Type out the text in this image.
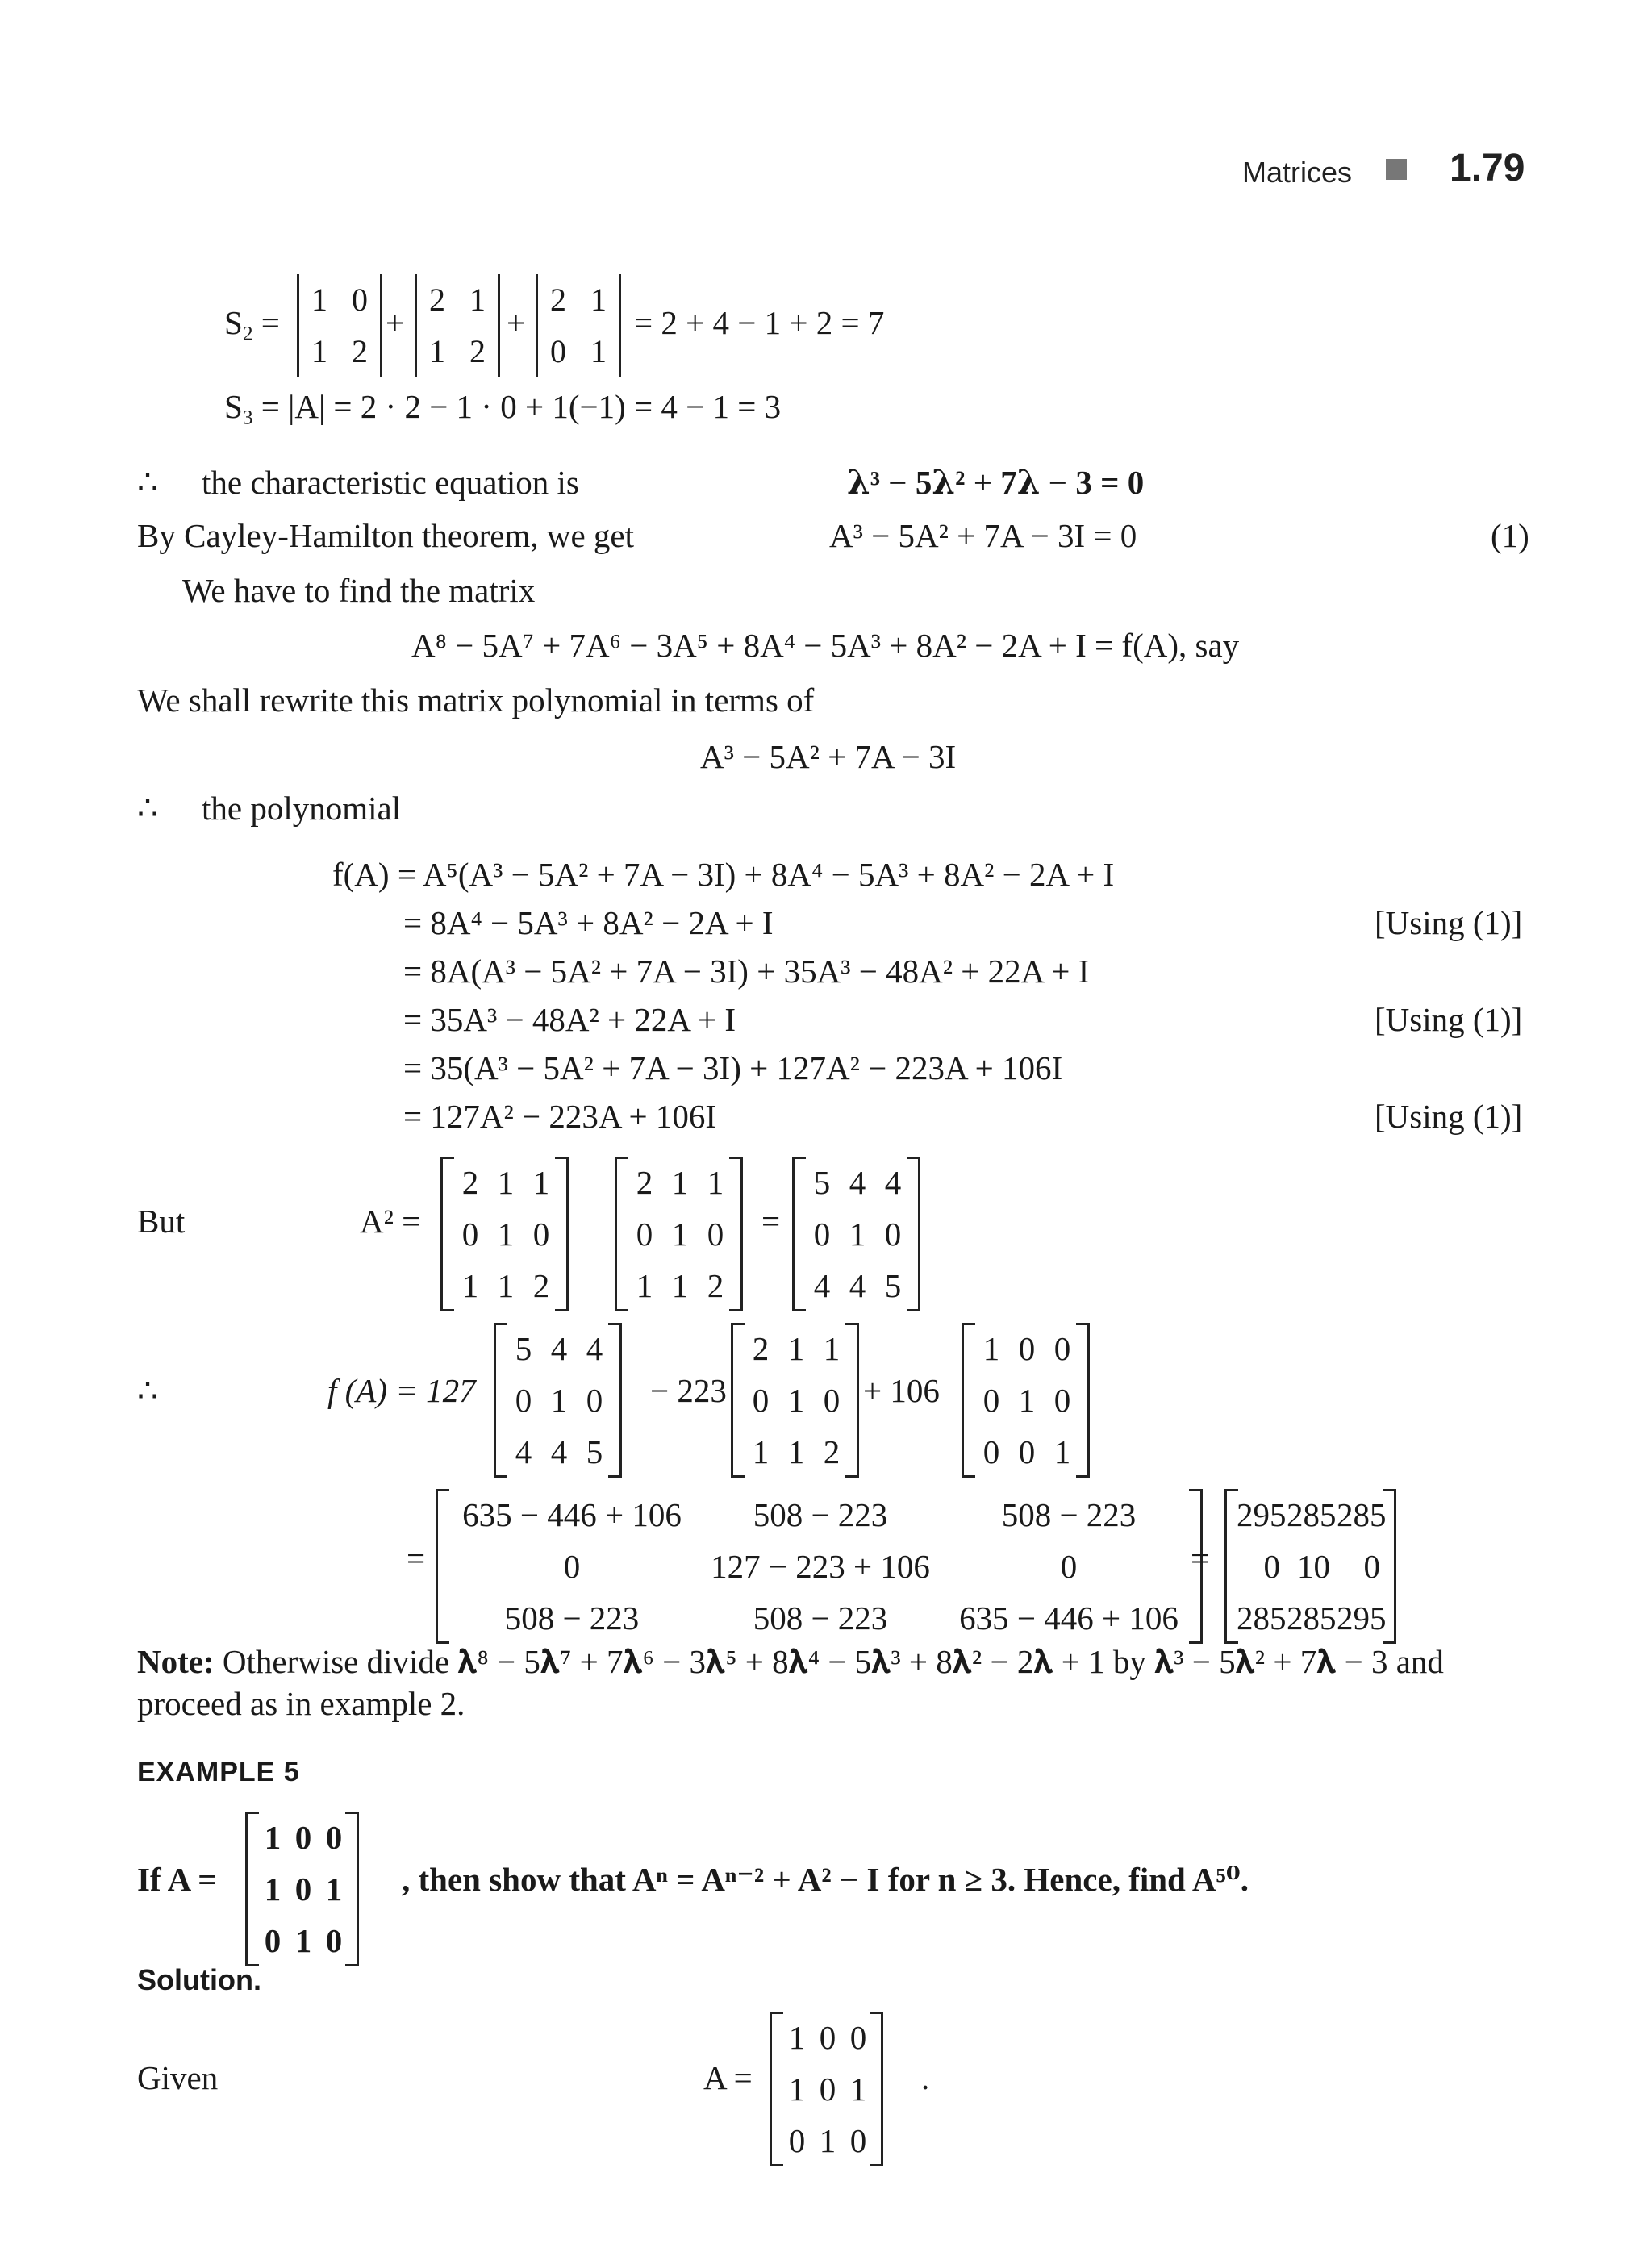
Matrices	1.79
$S_2$ =
1	0
1	2
+
2	1
1	2
+
2	1
0	1
= 2 + 4 − 1 + 2 = 7
$S_3 = |A| = 2 \cdot 2 - 1 \cdot 0 + 1(-1) = 4 - 1 = 3$
∴ the characteristic equation is	𝛌³ − 5𝛌² + 7𝛌 − 3 = 0
By Cayley-Hamilton theorem, we get	A³ − 5A² + 7A − 3I = 0	(1)
We have to find the matrix
A⁸ − 5A⁷ + 7A⁶ − 3A⁵ + 8A⁴ − 5A³ + 8A² − 2A + I = f(A), say
We shall rewrite this matrix polynomial in terms of
A³ − 5A² + 7A − 3I
∴ the polynomial
f(A) = A⁵(A³ − 5A² + 7A − 3I) + 8A⁴ − 5A³ + 8A² − 2A + I
= 8A⁴ − 5A³ + 8A² − 2A + I	[Using (1)]
= 8A(A³ − 5A² + 7A − 3I) + 35A³ − 48A² + 22A + I
= 35A³ − 48A² + 22A + I	[Using (1)]
= 35(A³ − 5A² + 7A − 3I) + 127A² − 223A + 106I
= 127A² − 223A + 106I	[Using (1)]
But	A² =
2 1 1
0 1 0
1 1 2
2 1 1
0 1 0
1 1 2
=
5 4 4
0 1 0
4 4 5
∴	f (A) = 127
5 4 4
0 1 0
4 4 5
− 223
2 1 1
0 1 0
1 1 2
+ 106
1 0 0
0 1 0
0 0 1
=
635 − 446 + 106	508 − 223	508 − 223
0	127 − 223 + 106	0
508 − 223	508 − 223	635 − 446 + 106
=
295 285 285
0 10	0
285 285 295
Note: Otherwise divide 𝛌⁸ − 5𝛌⁷ + 7𝛌⁶ − 3𝛌⁵ + 8𝛌⁴ − 5𝛌³ + 8𝛌² − 2𝛌 + 1 by 𝛌³ − 5𝛌² + 7𝛌 − 3 and
proceed as in example 2.
EXAMPLE 5
If A =
1 0 0
1 0 1
0 1 0
, then show that Aⁿ = Aⁿ⁻² + A² − I for n ≥ 3. Hence, find A⁵⁰.
Solution.
Given	A =
1 0 0
1 0 1
0 1 0
.
